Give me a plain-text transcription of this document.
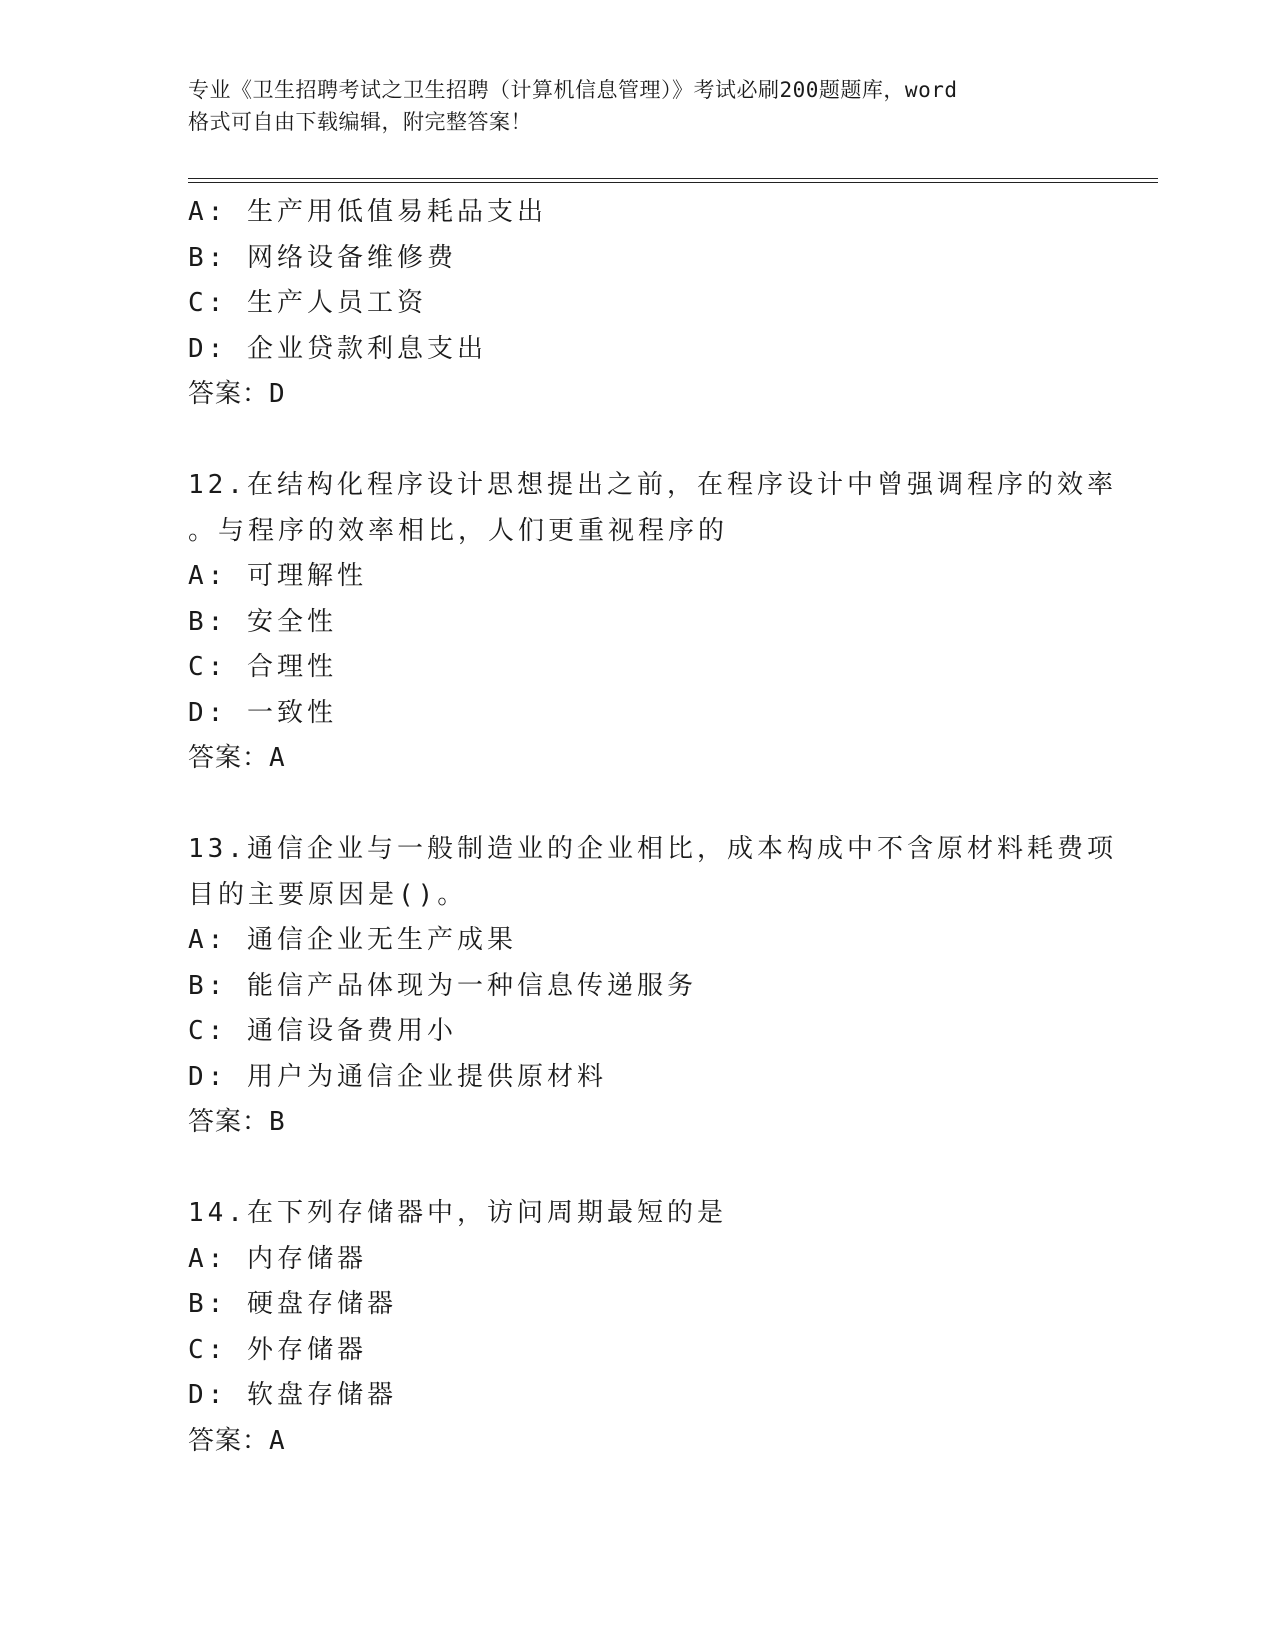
专业《卫生招聘考试之卫生招聘（计算机信息管理）》考试必刷200题题库，word
格式可自由下载编辑，附完整答案！
A: 生产用低值易耗品支出
B: 网络设备维修费
C: 生产人员工资
D: 企业贷款利息支出
答案：D
12.在结构化程序设计思想提出之前，在程序设计中曾强调程序的效率
。与程序的效率相比，人们更重视程序的
A: 可理解性
B: 安全性
C: 合理性
D: 一致性
答案：A
13.通信企业与一般制造业的企业相比，成本构成中不含原材料耗费项
目的主要原因是()。
A: 通信企业无生产成果
B: 能信产品体现为一种信息传递服务
C: 通信设备费用小
D: 用户为通信企业提供原材料
答案：B
14.在下列存储器中，访问周期最短的是
A: 内存储器
B: 硬盘存储器
C: 外存储器
D: 软盘存储器
答案：A
